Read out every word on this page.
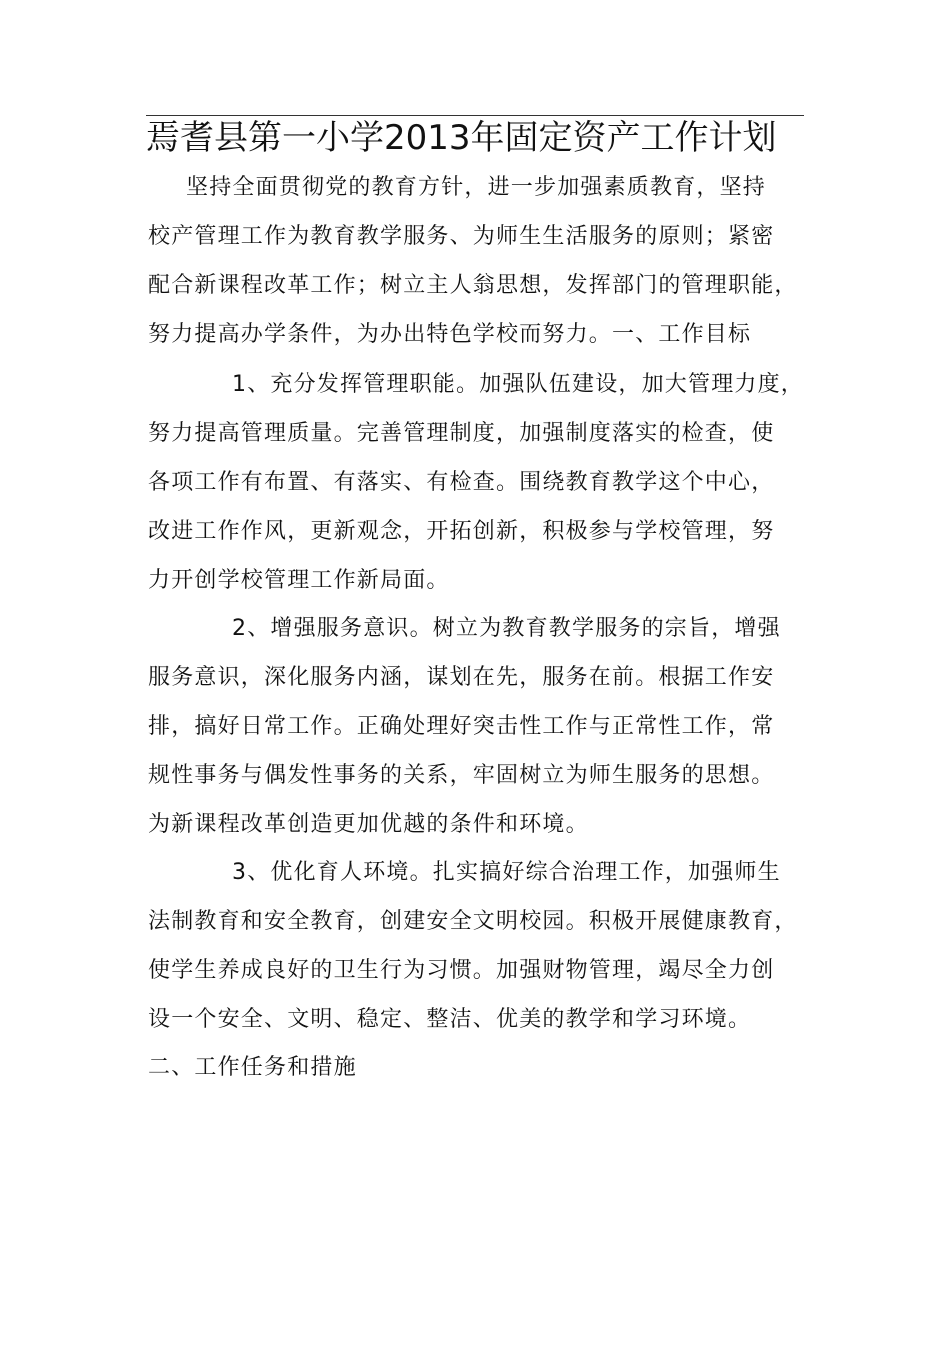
焉耆县第一小学2013年固定资产工作计划
坚持全面贯彻党的教育方针，进一步加强素质教育，坚持
校产管理工作为教育教学服务、为师生生活服务的原则；紧密
配合新课程改革工作；树立主人翁思想，发挥部门的管理职能，
努力提高办学条件，为办出特色学校而努力。一、工作目标
1、充分发挥管理职能。加强队伍建设，加大管理力度，
努力提高管理质量。完善管理制度，加强制度落实的检查，使
各项工作有布置、有落实、有检查。围绕教育教学这个中心，
改进工作作风，更新观念，开拓创新，积极参与学校管理，努
力开创学校管理工作新局面。
2、增强服务意识。树立为教育教学服务的宗旨，增强
服务意识，深化服务内涵，谋划在先，服务在前。根据工作安
排，搞好日常工作。正确处理好突击性工作与正常性工作，常
规性事务与偶发性事务的关系，牢固树立为师生服务的思想。
为新课程改革创造更加优越的条件和环境。
3、优化育人环境。扎实搞好综合治理工作，加强师生
法制教育和安全教育，创建安全文明校园。积极开展健康教育，
使学生养成良好的卫生行为习惯。加强财物管理，竭尽全力创
设一个安全、文明、稳定、整洁、优美的教学和学习环境。
二、工作任务和措施
